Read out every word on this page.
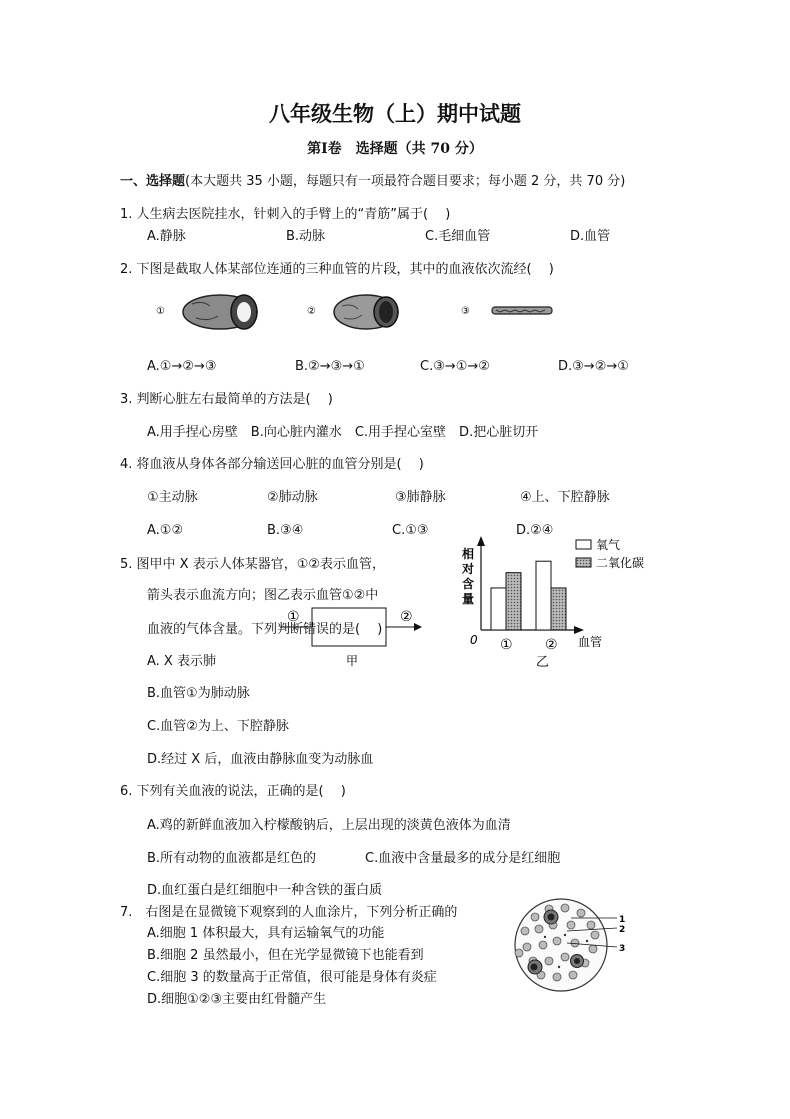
八年级生物（上）期中试题
第Ⅰ卷　选择题（共 70 分）
一、选择题(本大题共 35 小题，每题只有一项最符合题目要求；每小题 2 分，共 70 分)
1. 人生病去医院挂水，针刺入的手臂上的“青筋”属于(　 )
A.静脉	B.动脉	C.毛细血管	D.血管
2. 下图是截取人体某部位连通的三种血管的片段，其中的血液依次流经(　 )
①	②	③
A.①→②→③	B.②→③→①	C.③→①→②	D.③→②→①
3. 判断心脏左右最简单的方法是(　 )
A.用手捏心房壁　B.向心脏内灌水　C.用手捏心室壁　D.把心脏切开
4. 将血液从身体各部分输送回心脏的血管分别是(　 )
①主动脉	②肺动脉	③肺静脉	④上、下腔静脉
A.①②	B.③④	C.①③	D.②④
5. 图甲中 X 表示人体某器官，①②表示血管，
箭头表示血流方向；图乙表示血管①②中
血液的气体含量。下列判断错误的是(　 )
①	②
甲
相
对
含
量
0	血管
乙
① ②
氧气
二氧化碳
A. X 表示肺
B.血管①为肺动脉
C.血管②为上、下腔静脉
D.经过 X 后，血液由静脉血变为动脉血
6. 下列有关血液的说法，正确的是(　 )
A.鸡的新鲜血液加入柠檬酸钠后，上层出现的淡黄色液体为血清
B.所有动物的血液都是红色的	C.血液中含量最多的成分是红细胞
D.血红蛋白是红细胞中一种含铁的蛋白质
7.　右图是在显微镜下观察到的人血涂片，下列分析正确的
A.细胞 1 体积最大，具有运输氧气的功能
B.细胞 2 虽然最小，但在光学显微镜下也能看到
C.细胞 3 的数量高于正常值，很可能是身体有炎症
D.细胞①②③主要由红骨髓产生
1
2
3
